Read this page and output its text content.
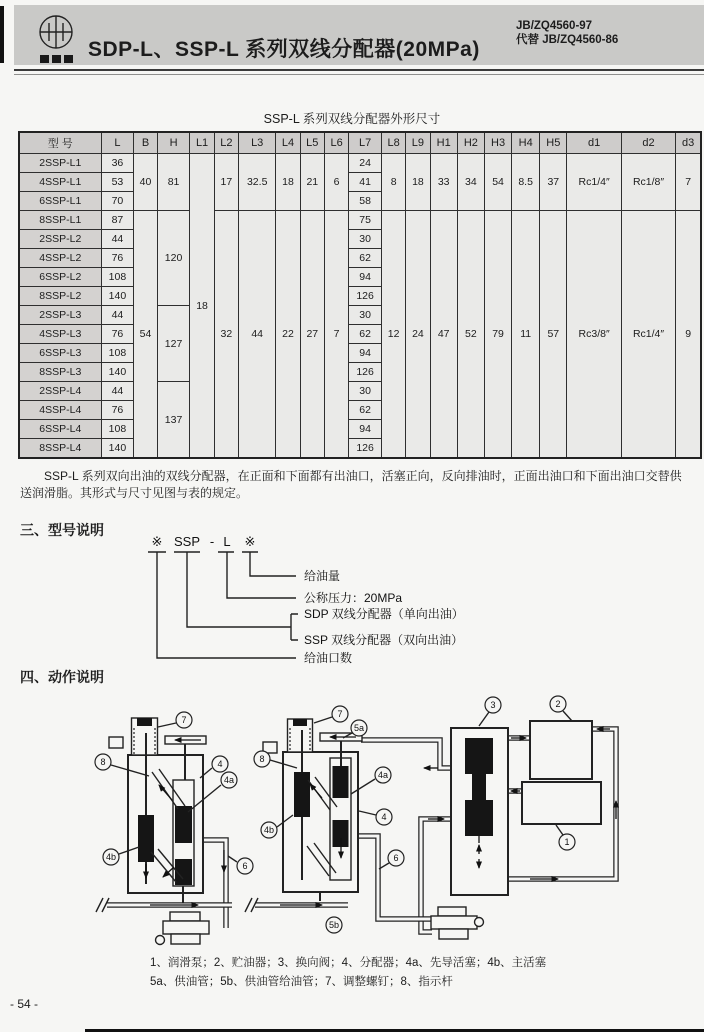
SDP-L、SSP-L 系列双线分配器(20MPa)
JB/ZQ4560-97
代替 JB/ZQ4560-86
SSP-L 系列双线分配器外形尺寸
型 号	L	B	H	L1	L2	L3	L4	L5	L6	L7	L8	L9	H1	H2	H3	H4	H5	d1	d2	d3
2SSP-L1	36	40	81	18	17	32.5	18	21	6	24	8	18	33	34	54	8.5	37	Rc1/4″	Rc1/8″	7
4SSP-L1	53									41										
6SSP-L1	70									58										
8SSP-L1	87	54	120		32	44	22	27	7	75	12	24	47	52	79	11	57	Rc3/8″	Rc1/4″	9
2SSP-L2	44									30										
4SSP-L2	76									62										
6SSP-L2	108									94										
8SSP-L2	140									126										
2SSP-L3	44		127							30										
4SSP-L3	76									62										
6SSP-L3	108									94										
8SSP-L3	140									126										
2SSP-L4	44		137							30										
4SSP-L4	76									62										
6SSP-L4	108									94										
8SSP-L4	140									126										

SSP-L 系列双向出油的双线分配器，在正面和下面都有出油口，活塞正向，反向排油时，正面出油口和下面出油口交替供送润滑脂。其形式与尺寸见图与表的规定。

三、型号说明
※ SSP - L ※
给油量
公称压力：20MPa
SDP 双线分配器（单向出油）
SSP 双线分配器（双向出油）
给油口数
四、动作说明
7
8	4
4a
4b
6
7
5a
8
4a
4
4b
6
5b
3	2
1
1、润滑泵；2、贮油器；3、换向阀；4、分配器；4a、先导活塞；4b、主活塞
5a、供油管；5b、供油管给油管；7、调整螺钉；8、指示杆
- 54 -
